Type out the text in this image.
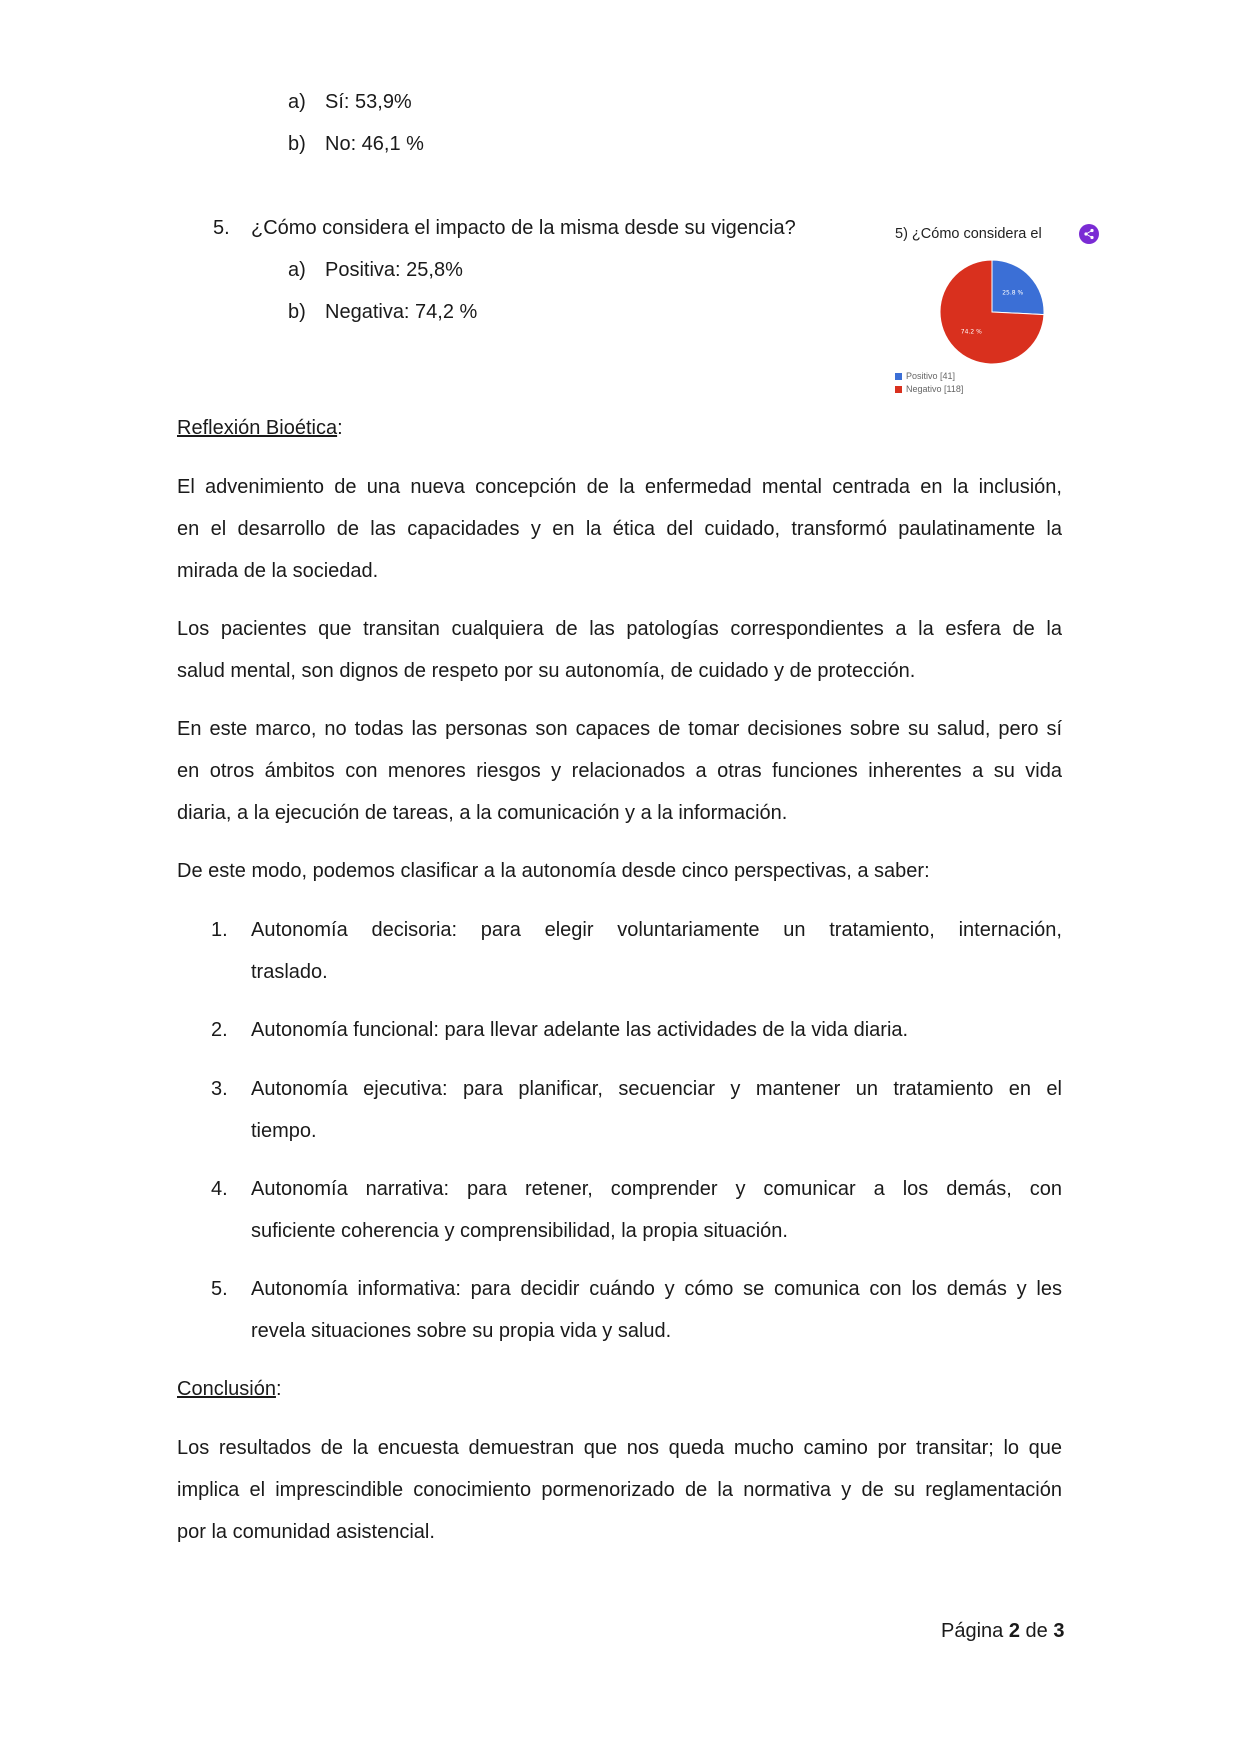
a) Sí: 53,9%
b) No: 46,1 %
5. ¿Cómo considera el impacto de la misma desde su vigencia?
a) Positiva: 25,8%
b) Negativa: 74,2 %
5) ¿Cómo considera el
25.8 %
74.2 %
Positivo [41]
Negativo [118]
Reflexión Bioética:
El advenimiento de una nueva concepción de la enfermedad mental centrada en la inclusión,
en el desarrollo de las capacidades y en la ética del cuidado, transformó paulatinamente la
mirada de la sociedad.
Los pacientes que transitan cualquiera de las patologías correspondientes a la esfera de la
salud mental, son dignos de respeto por su autonomía, de cuidado y de protección.
En este marco, no todas las personas son capaces de tomar decisiones sobre su salud, pero sí
en otros ámbitos con menores riesgos y relacionados a otras funciones inherentes a su vida
diaria, a la ejecución de tareas, a la comunicación y a la información.
De este modo, podemos clasificar a la autonomía desde cinco perspectivas, a saber:
1. Autonomía decisoria: para elegir voluntariamente un tratamiento, internación,
traslado.
2. Autonomía funcional: para llevar adelante las actividades de la vida diaria.
3. Autonomía ejecutiva: para planificar, secuenciar y mantener un tratamiento en el
tiempo.
4. Autonomía narrativa: para retener, comprender y comunicar a los demás, con
suficiente coherencia y comprensibilidad, la propia situación.
5. Autonomía informativa: para decidir cuándo y cómo se comunica con los demás y les
revela situaciones sobre su propia vida y salud.
Conclusión:
Los resultados de la encuesta demuestran que nos queda mucho camino por transitar; lo que
implica el imprescindible conocimiento pormenorizado de la normativa y de su reglamentación
por la comunidad asistencial.
Página 2 de 3
